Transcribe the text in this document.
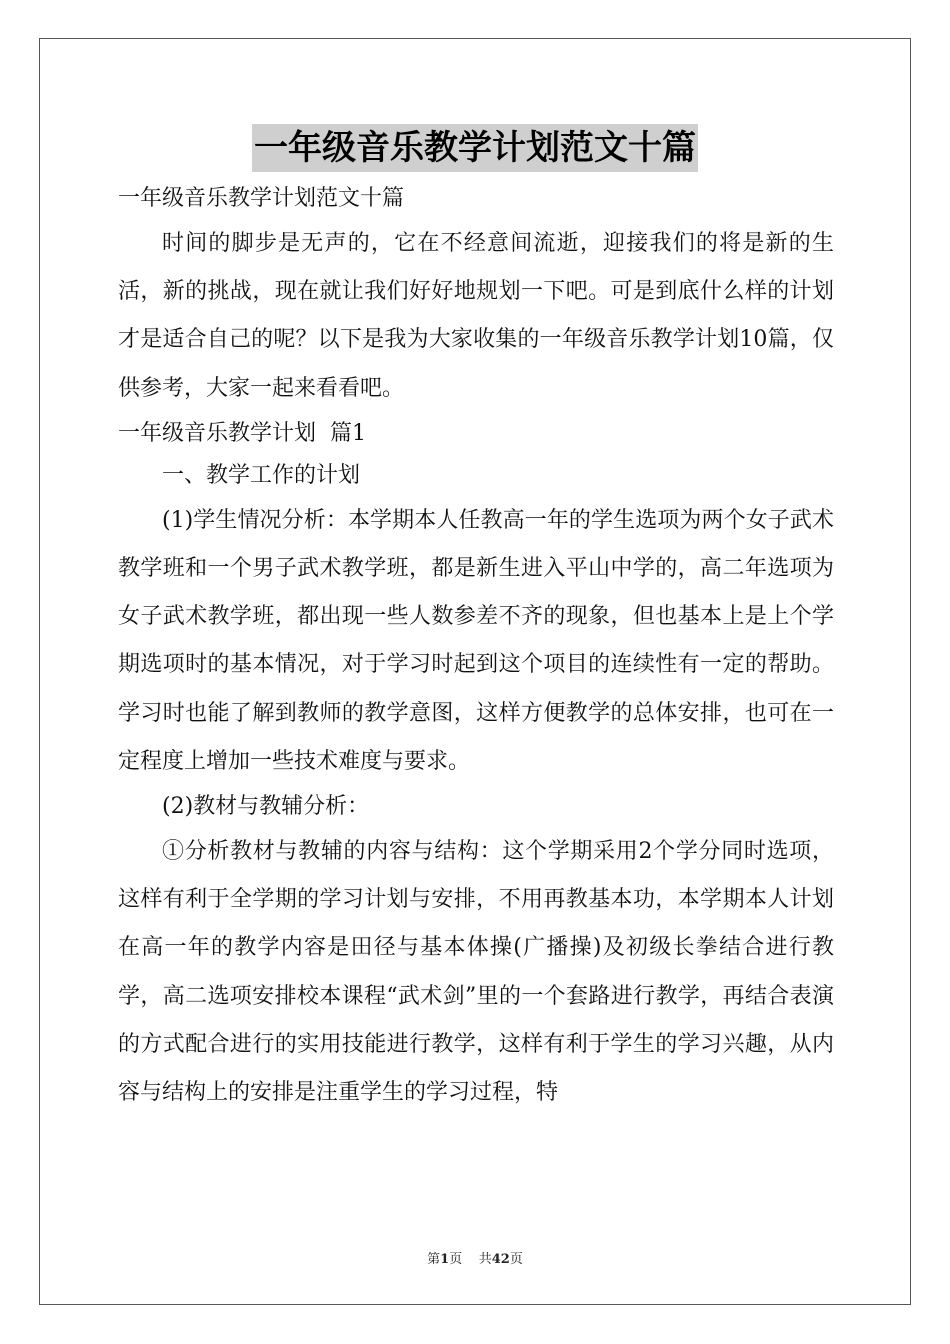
一年级音乐教学计划范文十篇

一年级音乐教学计划范文十篇

时间的脚步是无声的，它在不经意间流逝，迎接我们的将是新的生活，新的挑战，现在就让我们好好地规划一下吧。可是到底什么样的计划才是适合自己的呢？以下是我为大家收集的一年级音乐教学计划10篇，仅供参考，大家一起来看看吧。

一年级音乐教学计划  篇1

一、教学工作的计划

(1)学生情况分析：本学期本人任教高一年的学生选项为两个女子武术教学班和一个男子武术教学班，都是新生进入平山中学的，高二年选项为女子武术教学班，都出现一些人数参差不齐的现象，但也基本上是上个学期选项时的基本情况，对于学习时起到这个项目的连续性有一定的帮助。学习时也能了解到教师的教学意图，这样方便教学的总体安排，也可在一定程度上增加一些技术难度与要求。

(2)教材与教辅分析：

①分析教材与教辅的内容与结构：这个学期采用2个学分同时选项，这样有利于全学期的学习计划与安排，不用再教基本功，本学期本人计划在高一年的教学内容是田径与基本体操(广播操)及初级长拳结合进行教学，高二选项安排校本课程“武术剑”里的一个套路进行教学，再结合表演的方式配合进行的实用技能进行教学，这样有利于学生的学习兴趣，从内容与结构上的安排是注重学生的学习过程，特

第1页    共42页
